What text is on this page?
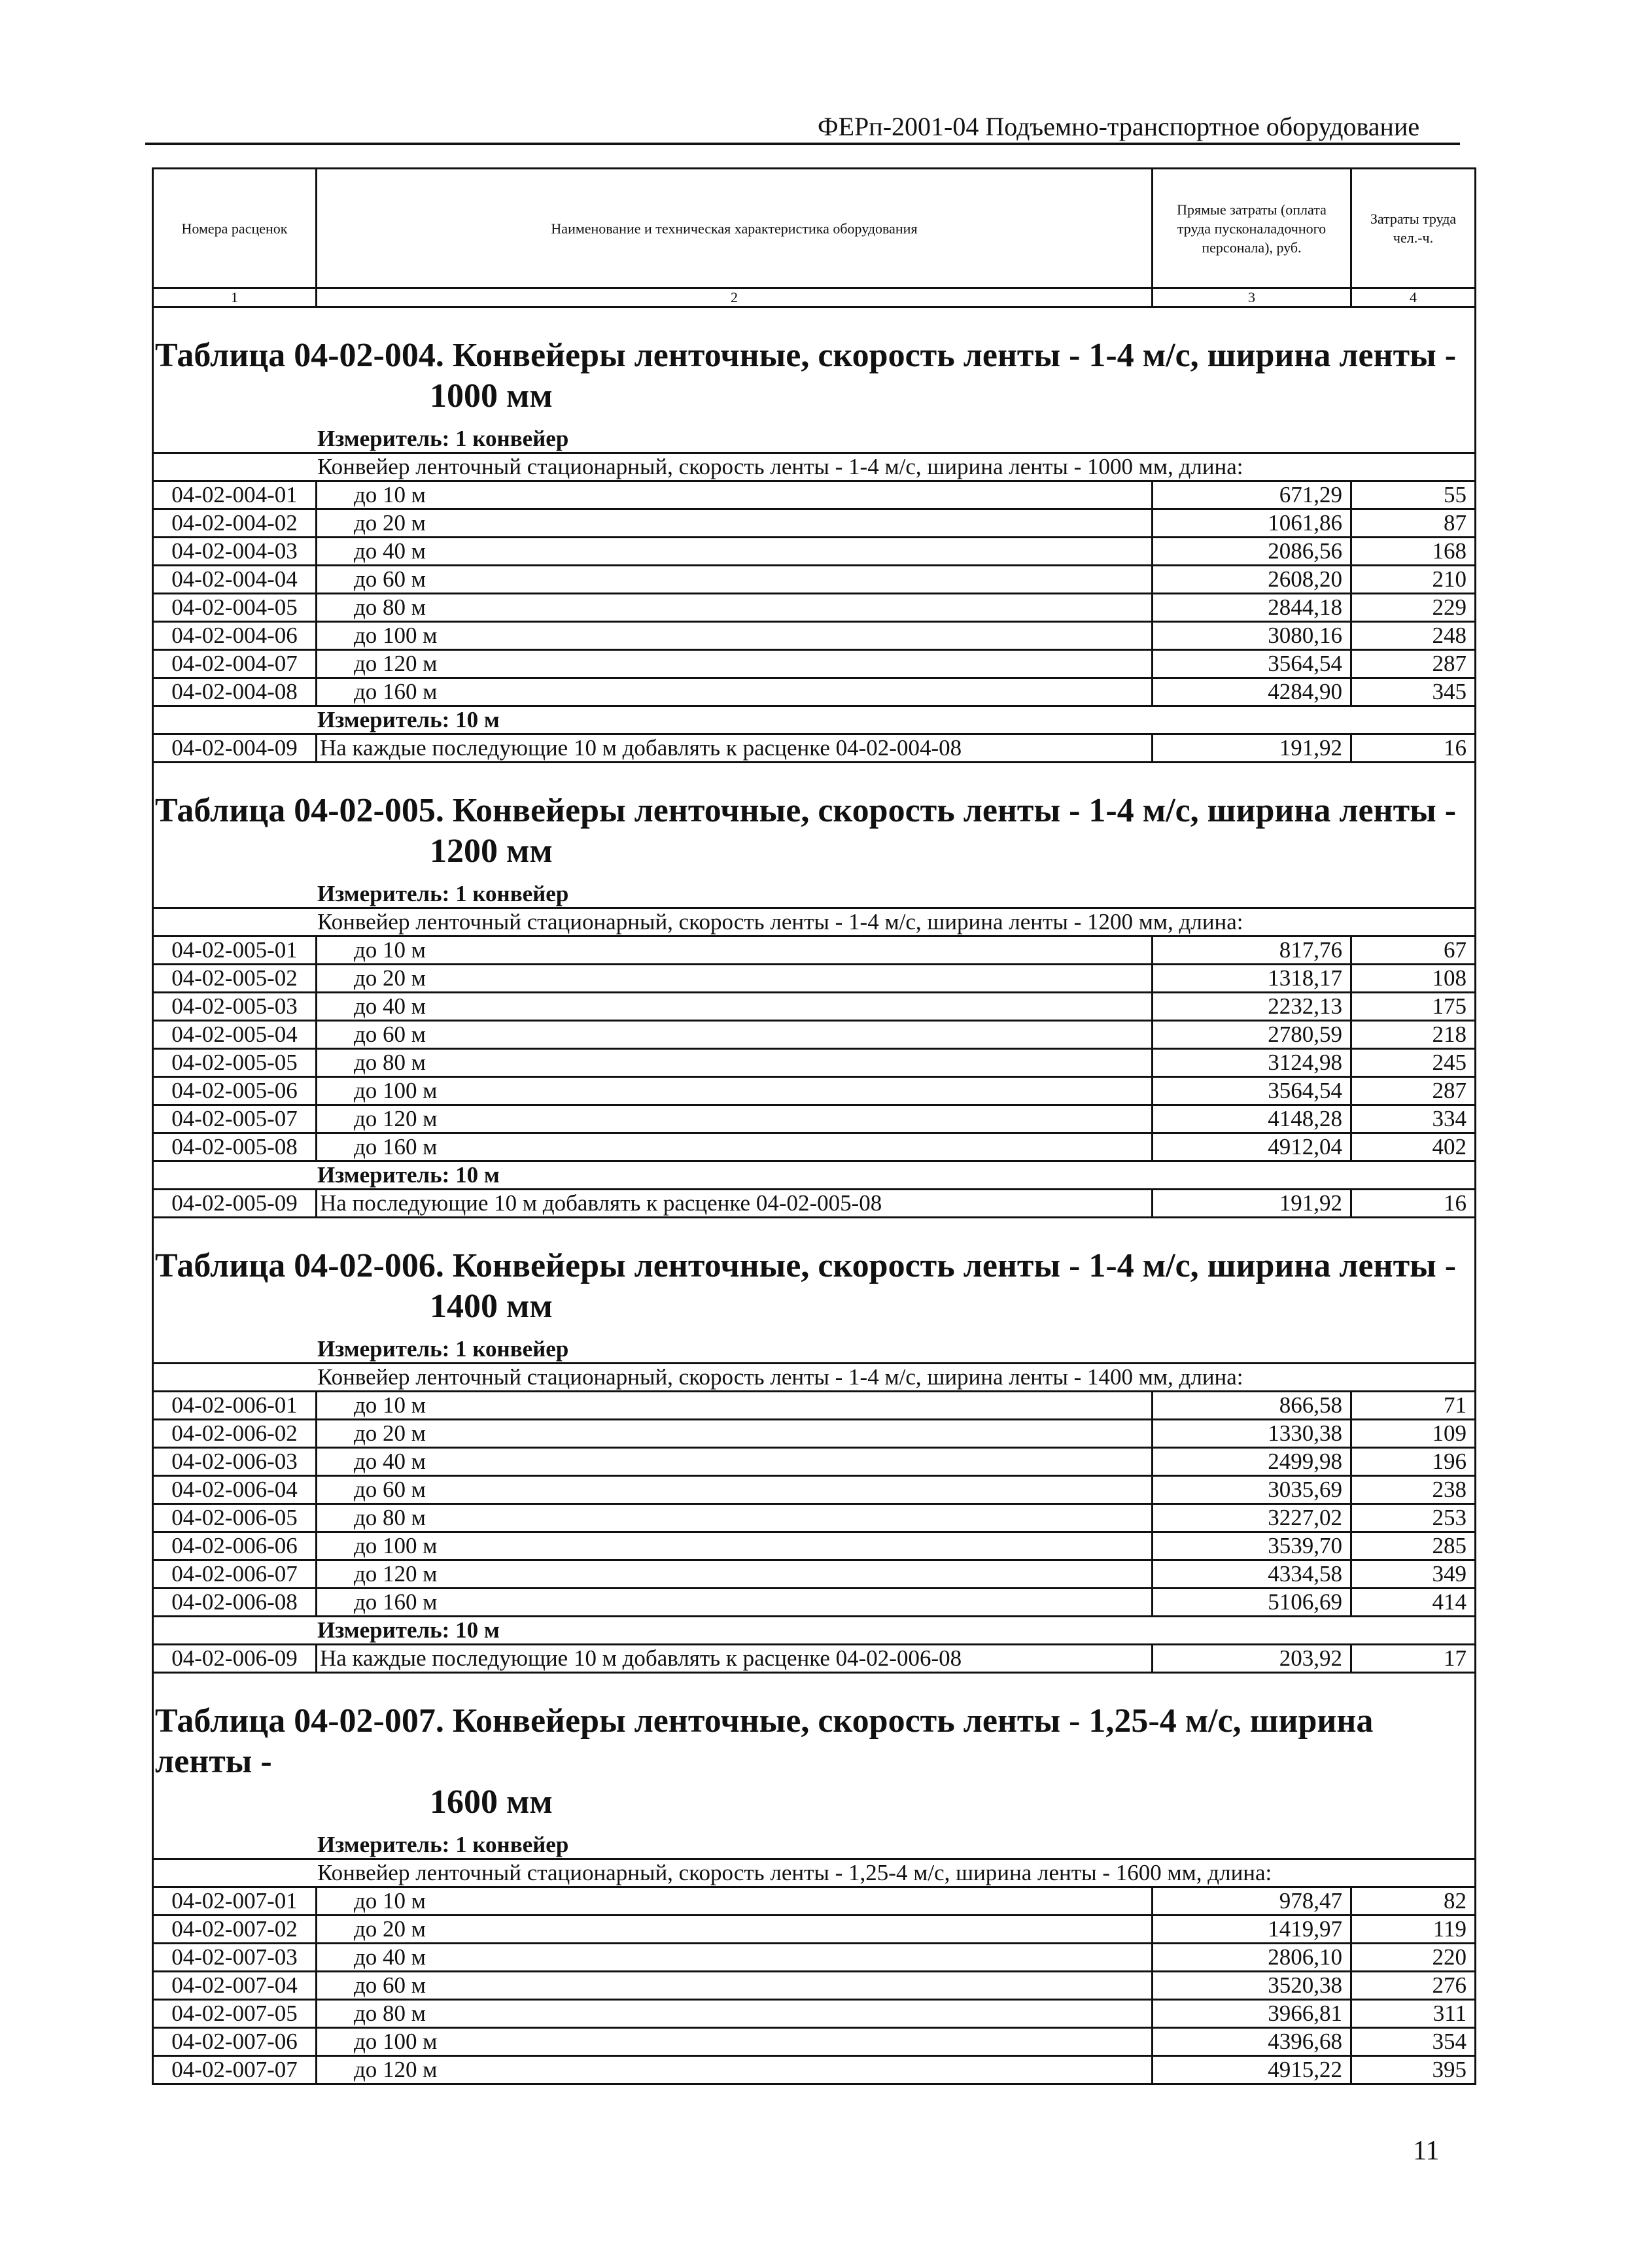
ФЕРп-2001-04 Подъемно-транспортное оборудование
Номера расценок	Наименование и техническая характеристика оборудования	Прямые затраты (оплата труда пусконаладочного персонала), руб.	Затраты труда чел.-ч.
1	2	3	4

Таблица 04-02-004. Конвейеры ленточные, скорость ленты - 1-4 м/с, ширина ленты -
1000 мм			

Измеритель: 1 конвейер			
Конвейер ленточный стационарный, скорость ленты - 1-4 м/с, ширина ленты - 1000 мм, длина:			
04-02-004-01	до 10 м	671,29	55
04-02-004-02	до 20 м	1061,86	87
04-02-004-03	до 40 м	2086,56	168
04-02-004-04	до 60 м	2608,20	210
04-02-004-05	до 80 м	2844,18	229
04-02-004-06	до 100 м	3080,16	248
04-02-004-07	до 120 м	3564,54	287
04-02-004-08	до 160 м	4284,90	345
Измеритель: 10 м			
04-02-004-09	На каждые последующие 10 м добавлять к расценке 04-02-004-08	191,92	16

Таблица 04-02-005. Конвейеры ленточные, скорость ленты - 1-4 м/с, ширина ленты -
1200 мм			

Измеритель: 1 конвейер			
Конвейер ленточный стационарный, скорость ленты - 1-4 м/с, ширина ленты - 1200 мм, длина:			
04-02-005-01	до 10 м	817,76	67
04-02-005-02	до 20 м	1318,17	108
04-02-005-03	до 40 м	2232,13	175
04-02-005-04	до 60 м	2780,59	218
04-02-005-05	до 80 м	3124,98	245
04-02-005-06	до 100 м	3564,54	287
04-02-005-07	до 120 м	4148,28	334
04-02-005-08	до 160 м	4912,04	402
Измеритель: 10 м			
04-02-005-09	На последующие 10 м добавлять к расценке 04-02-005-08	191,92	16

Таблица 04-02-006. Конвейеры ленточные, скорость ленты - 1-4 м/с, ширина ленты -
1400 мм			

Измеритель: 1 конвейер			
Конвейер ленточный стационарный, скорость ленты - 1-4 м/с, ширина ленты - 1400 мм, длина:			
04-02-006-01	до 10 м	866,58	71
04-02-006-02	до 20 м	1330,38	109
04-02-006-03	до 40 м	2499,98	196
04-02-006-04	до 60 м	3035,69	238
04-02-006-05	до 80 м	3227,02	253
04-02-006-06	до 100 м	3539,70	285
04-02-006-07	до 120 м	4334,58	349
04-02-006-08	до 160 м	5106,69	414
Измеритель: 10 м			
04-02-006-09	На каждые последующие 10 м добавлять к расценке 04-02-006-08	203,92	17

Таблица 04-02-007. Конвейеры ленточные, скорость ленты - 1,25-4 м/с, ширина ленты -
1600 мм			

Измеритель: 1 конвейер			
Конвейер ленточный стационарный, скорость ленты - 1,25-4 м/с, ширина ленты - 1600 мм, длина:			
04-02-007-01	до 10 м	978,47	82
04-02-007-02	до 20 м	1419,97	119
04-02-007-03	до 40 м	2806,10	220
04-02-007-04	до 60 м	3520,38	276
04-02-007-05	до 80 м	3966,81	311
04-02-007-06	до 100 м	4396,68	354
04-02-007-07	до 120 м	4915,22	395
11
